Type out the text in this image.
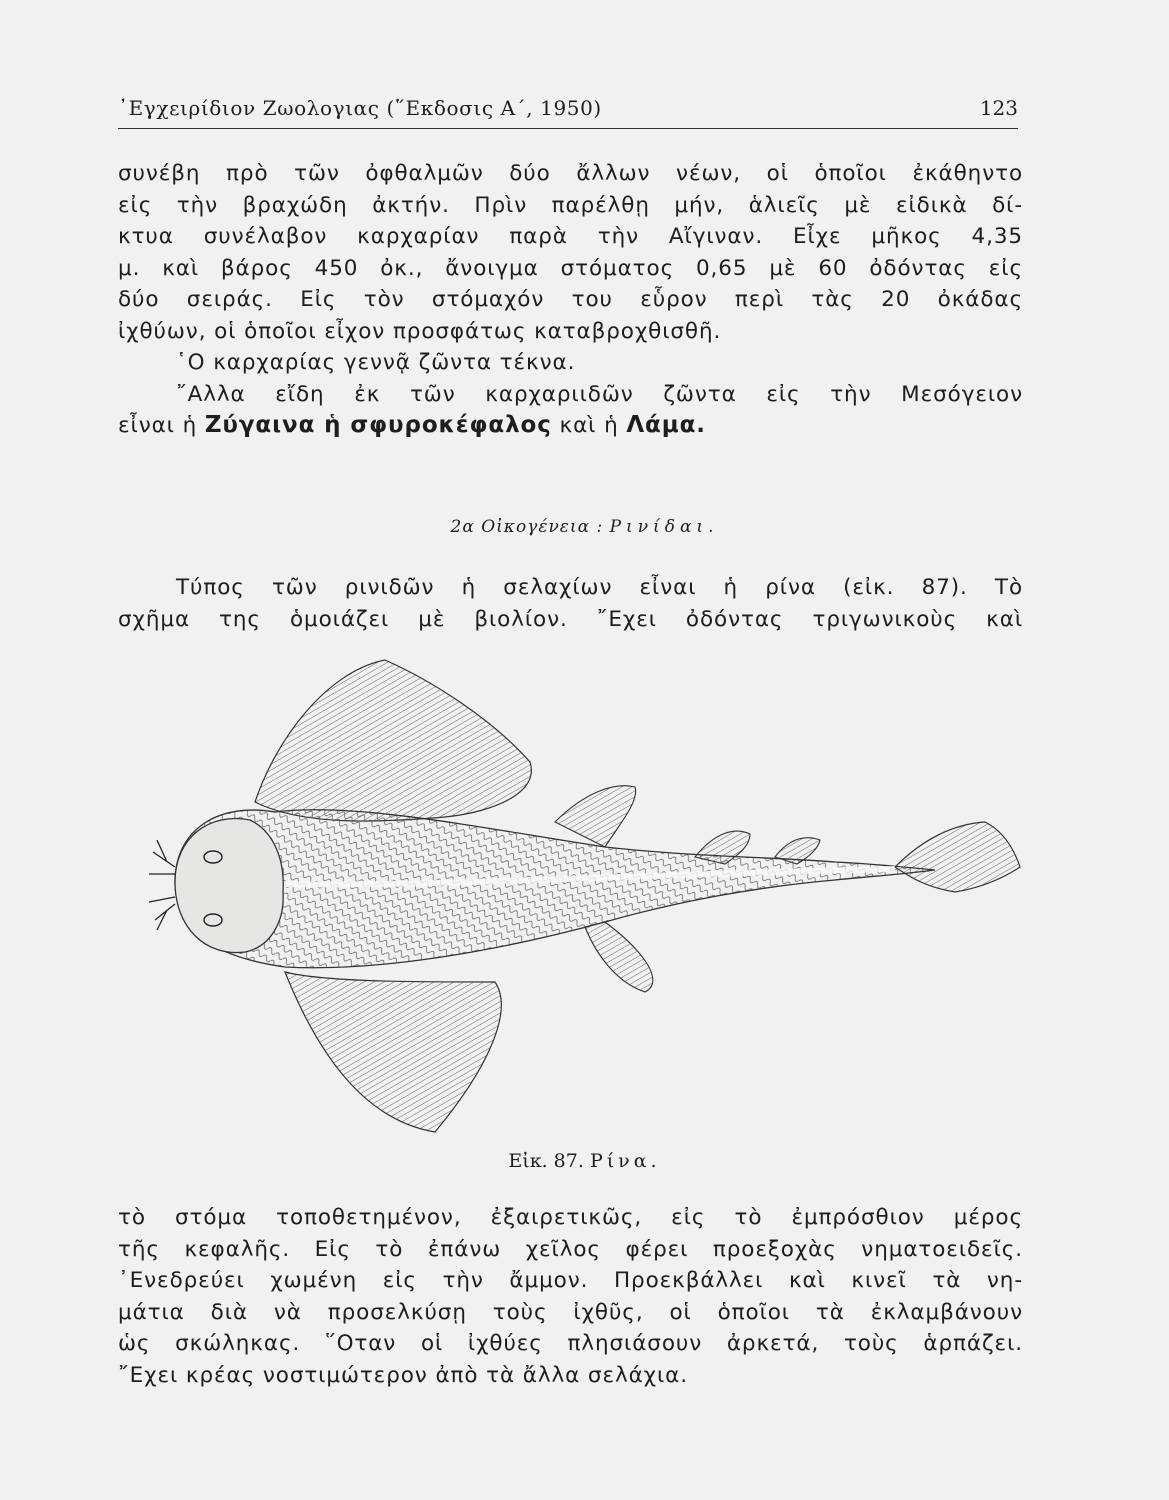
᾿Εγχειρίδιον Ζωολογιας (῞Εκδοσις Α΄, 1950)	123
συνέβη πρὸ τῶν ὀφθαλμῶν δύο ἄλλων νέων, οἱ ὁποῖοι ἐκάθηντο
εἰς τὴν βραχώδη ἀκτήν. Πρὶν παρέλθῃ μήν, ἁλιεῖς μὲ εἰδικὰ δί-
κτυα συνέλαβον καρχαρίαν παρὰ τὴν Αἴγιναν. Εἶχε μῆκος 4,35
μ. καὶ βάρος 450 ὀκ., ἄνοιγμα στόματος 0,65 μὲ 60 ὀδόντας εἰς
δύο σειράς. Εἰς τὸν στόμαχόν του εὗρον περὶ τὰς 20 ὀκάδας
ἰχθύων, οἱ ὁποῖοι εἶχον προσφάτως καταβροχθισθῆ.
῾Ο καρχαρίας γεννᾷ ζῶντα τέκνα.
῎Αλλα εἴδη ἐκ τῶν καρχαριιδῶν ζῶντα εἰς τὴν Μεσόγειον
εἶναι ἡ Ζύγαινα ἡ σφυροκέφαλος καὶ ἡ Λάμα.
2α Οἰκογένεια : Ρινίδαι.
Τύπος τῶν ρινιδῶν ἡ σελαχίων εἶναι ἡ ρίνα (εἰκ. 87). Τὸ
σχῆμα της ὁμοιάζει μὲ βιολίον. ῎Εχει ὀδόντας τριγωνικοὺς καὶ
Εἰκ. 87. Ρίνα.
τὸ στόμα τοποθετημένον, ἐξαιρετικῶς, εἰς τὸ ἐμπρόσθιον μέρος
τῆς κεφαλῆς. Εἰς τὸ ἐπάνω χεῖλος φέρει προεξοχὰς νηματοειδεῖς.
᾿Ενεδρεύει χωμένη εἰς τὴν ἄμμον. Προεκβάλλει καὶ κινεῖ τὰ νη-
μάτια διὰ νὰ προσελκύσῃ τοὺς ἰχθῦς, οἱ ὁποῖοι τὰ ἐκλαμβάνουν
ὡς σκώληκας. ῞Οταν οἱ ἰχθύες πλησιάσουν ἀρκετά, τοὺς ἁρπάζει.
῎Εχει κρέας νοστιμώτερον ἀπὸ τὰ ἄλλα σελάχια.
